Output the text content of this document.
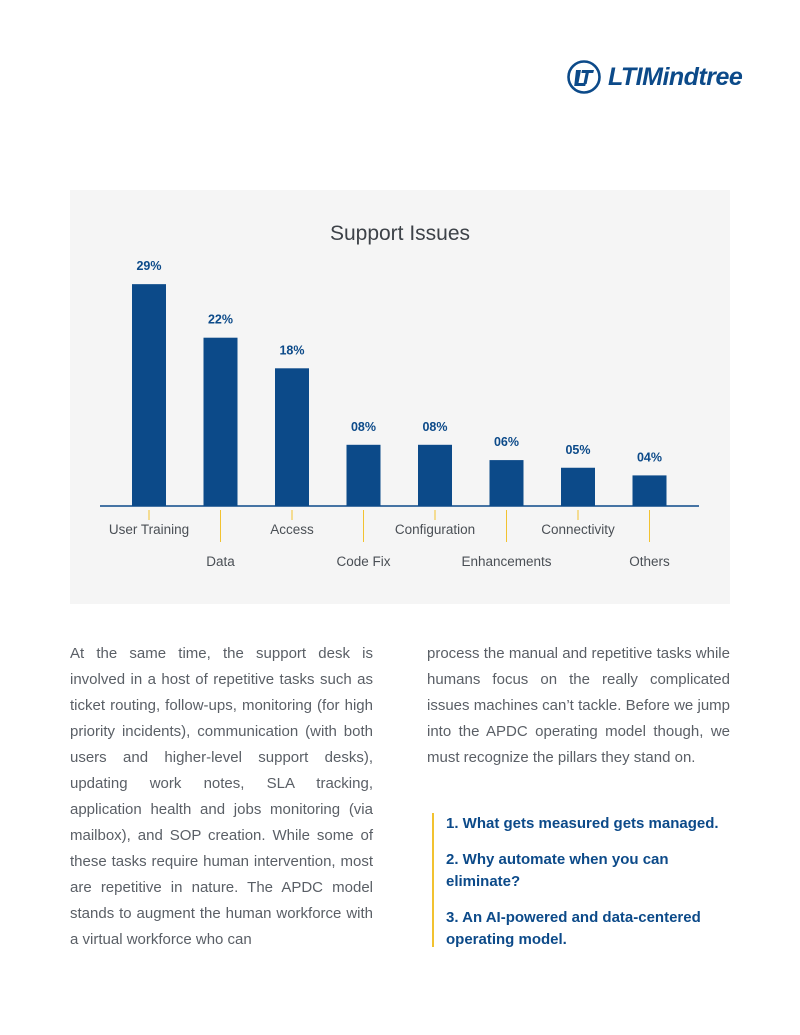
LTIMindtree
Support Issues
29%
User Training
22%
Data
18%
Access
08%
Code Fix
08%
Configuration
06%
Enhancements
05%
Connectivity
04%
Others
At the same time, the support desk is involved in a host of repetitive tasks such as ticket routing, follow-ups, monitoring (for high priority incidents), communication (with both users and higher-level support desks), updating work notes, SLA tracking, application health and jobs monitoring (via mailbox), and SOP creation. While some of these tasks require human intervention, most are repetitive in nature. The APDC model stands to augment the human workforce with a virtual workforce who can
process the manual and repetitive tasks while humans focus on the really complicated issues machines can’t tackle. Before we jump into the APDC operating model though, we must recognize the pillars they stand on.
1. What gets measured gets managed.
2. Why automate when you can eliminate?
3. An AI-powered and data-centered operating model.
